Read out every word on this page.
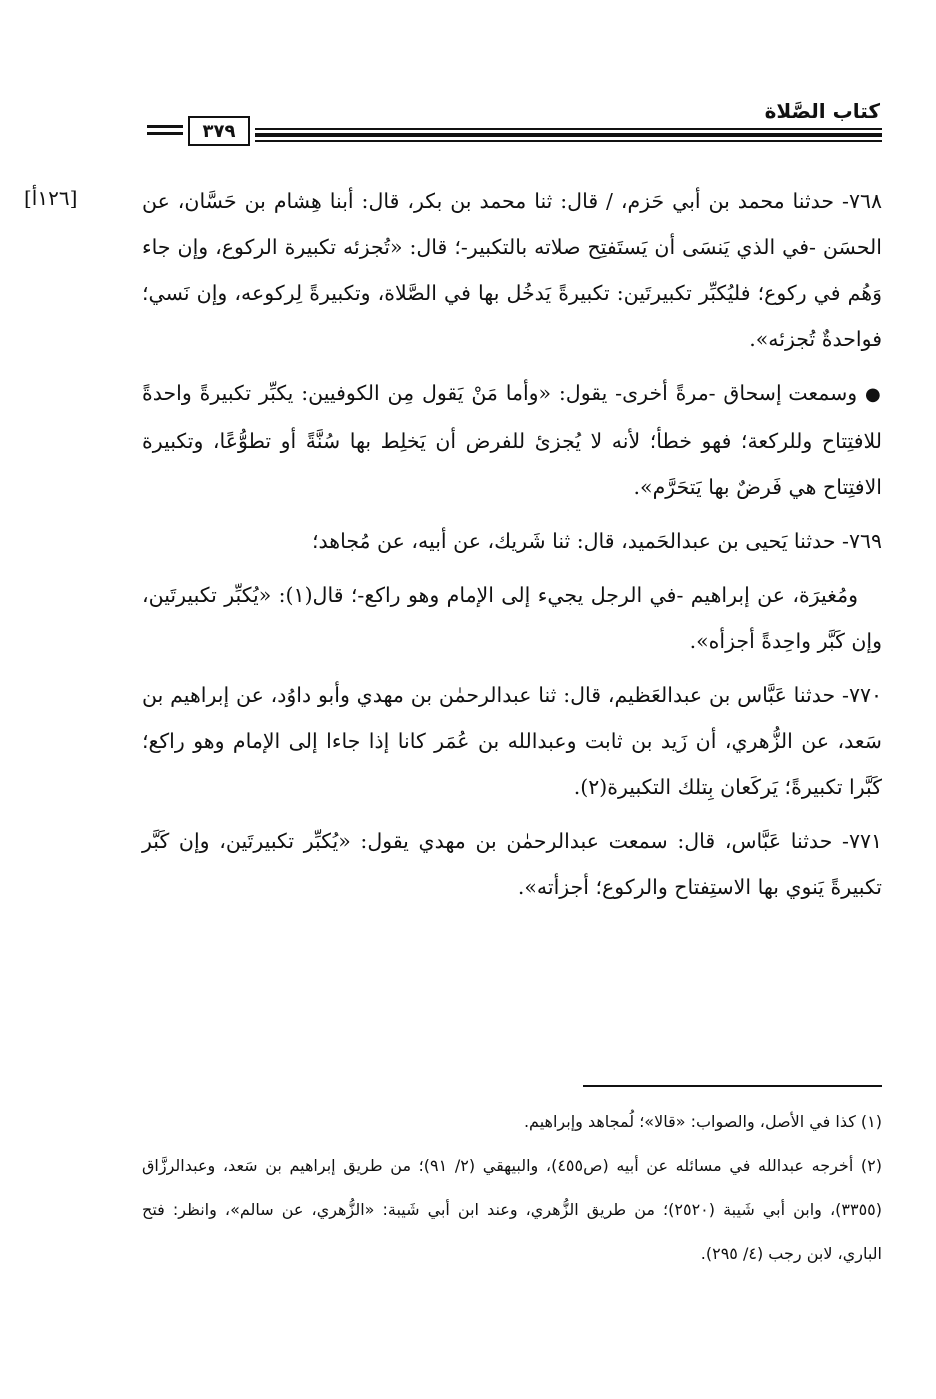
كتاب الصَّلاة
٣٧٩
[١٢٦أ]	٧٦٨- حدثنا محمد بن أبي حَزم، / قال: ثنا محمد بن بكر، قال: أبنا هِشام بن حَسَّان، عن الحسَن -في الذي يَنسَى أن يَستَفتِح صلاته بالتكبير-؛ قال: «تُجزئه تكبيرة الركوع، وإن جاء وَهُم في ركوع؛ فليُكبِّر تكبيرتَين: تكبيرةً يَدخُل بها في الصَّلاة، وتكبيرةً لِركوعه، وإن نَسي؛ فواحدةٌ تُجزئه».

● وسمعت إسحاق -مرةً أخرى- يقول: «وأما مَنْ يَقول مِن الكوفيين: يكبِّر تكبيرةً واحدةً للافتِتاح وللركعة؛ فهو خطأ؛ لأنه لا يُجزئ للفرض أن يَخلِط بها سُنَّةً أو تطوُّعًا، وتكبيرة الافتِتاح هي فَرضٌ بها يَتحَرَّم».

٧٦٩- حدثنا يَحيى بن عبدالحَميد، قال: ثنا شَريك، عن أبيه، عن مُجاهد؛

ومُغيرَة، عن إبراهيم -في الرجل يجيء إلى الإمام وهو راكع-؛ قال(١): «يُكبِّر تكبيرتَين، وإن كَبَّر واحِدةً أجزأه».

٧٧٠- حدثنا عَبَّاس بن عبدالعَظيم، قال: ثنا عبدالرحمٰن بن مهدي وأبو داوُد، عن إبراهيم بن سَعد، عن الزُّهري، أن زَيد بن ثابت وعبدالله بن عُمَر كانا إذا جاءا إلى الإمام وهو راكع؛ كَبَّرا تكبيرةً؛ يَركَعان بِتلك التكبيرة(٢).

٧٧١- حدثنا عَبَّاس، قال: سمعت عبدالرحمٰن بن مهدي يقول: «يُكبِّر تكبيرتَين، وإن كَبَّر تكبيرةً يَنوي بها الاستِفتاح والركوع؛ أجزأته».

(١) كذا في الأصل، والصواب: «قالا»؛ لُمجاهد وإبراهيم.

(٢) أخرجه عبدالله في مسائله عن أبيه (ص٤٥٥)، والبيهقي (٢/ ٩١)؛ من طريق إبراهيم بن سَعد، وعبدالرزَّاق (٣٣٥٥)، وابن أبي شَيبة (٢٥٢٠)؛ من طريق الزُّهري، وعند ابن أبي شَيبة: «الزُّهري، عن سالم»، وانظر: فتح الباري، لابن رجب (٤/ ٢٩٥).
